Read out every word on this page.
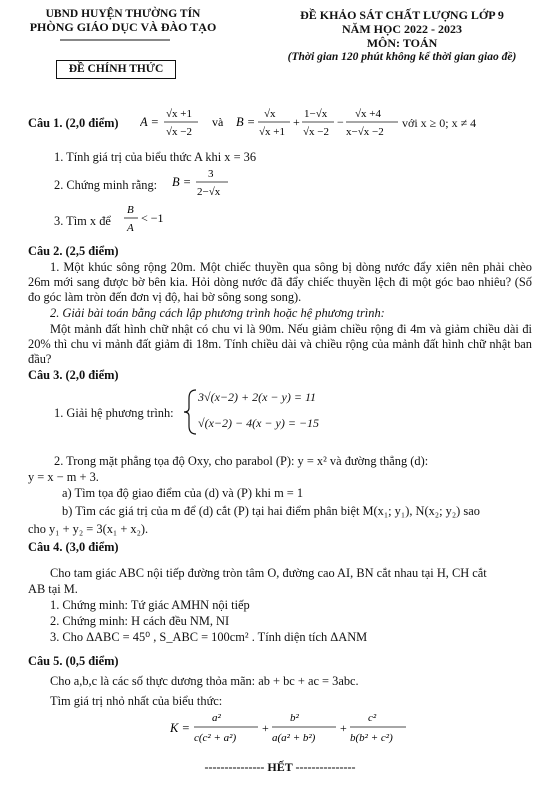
UBND HUYỆN THƯỜNG TÍN
PHÒNG GIÁO DỤC VÀ ĐÀO TẠO
ĐỀ CHÍNH THỨC
ĐỀ KHẢO SÁT CHẤT LƯỢNG LỚP 9
NĂM HỌC 2022 - 2023
MÔN: TOÁN
(Thời gian 120 phút không kể thời gian giao đề)
Câu 1. (2,0 điểm) A =
√x +1
√x −2
và B =
√x
√x +1
+
1−√x
√x −2
−
√x +4
x−√x −2
với x ≥ 0; x ≠ 4
1. Tính giá trị của biểu thức A khi x = 36
2. Chứng minh rằng: B =
3
2−√x
3. Tìm x để
B
A
< −1
Câu 2. (2,5 điểm)
1. Một khúc sông rộng 20m. Một chiếc thuyền qua sông bị dòng nước đẩy xiên nên phải chèo 26m mới sang được bờ bên kia. Hỏi dòng nước đã đẩy chiếc thuyền lệch đi một góc bao nhiêu? (Số đo góc làm tròn đến đơn vị độ, hai bờ sông song song).
2. Giải bài toán bằng cách lập phương trình hoặc hệ phương trình:
Một mảnh đất hình chữ nhật có chu vi là 90m. Nếu giảm chiều rộng đi 4m và giảm chiều dài đi 20% thì chu vi mảnh đất giảm đi 18m. Tính chiều dài và chiều rộng của mảnh đất hình chữ nhật ban đầu?
Câu 3. (2,0 điểm)
1. Giải hệ phương trình:
3√(x−2) + 2(x − y) = 11
√(x−2) − 4(x − y) = −15
2. Trong mặt phẳng tọa độ Oxy, cho parabol (P): y = x² và đường thẳng (d):
y = x − m + 3.
a) Tìm tọa độ giao điểm của (d) và (P) khi m = 1
b) Tìm các giá trị của m để (d) cắt (P) tại hai điểm phân biệt M(x₁; y₁), N(x₂; y₂) sao
cho y₁ + y₂ = 3(x₁ + x₂).
Câu 4. (3,0 điểm)
Cho tam giác ABC nội tiếp đường tròn tâm O, đường cao AI, BN cắt nhau tại H, CH cắt
AB tại M.
1. Chứng minh: Tứ giác AMHN nội tiếp
2. Chứng minh: H cách đều NM, NI
3. Cho ΔABC = 45⁰ , S_ABC = 100cm² . Tính diện tích ΔANM
Câu 5. (0,5 điểm)
Cho a,b,c là các số thực dương thỏa mãn: ab + bc + ac = 3abc.
Tìm giá trị nhỏ nhất của biểu thức:
K =
a²
c(c² + a²)
+
b²
a(a² + b²)
+
c²
b(b² + c²)
--------------- HẾT ---------------
